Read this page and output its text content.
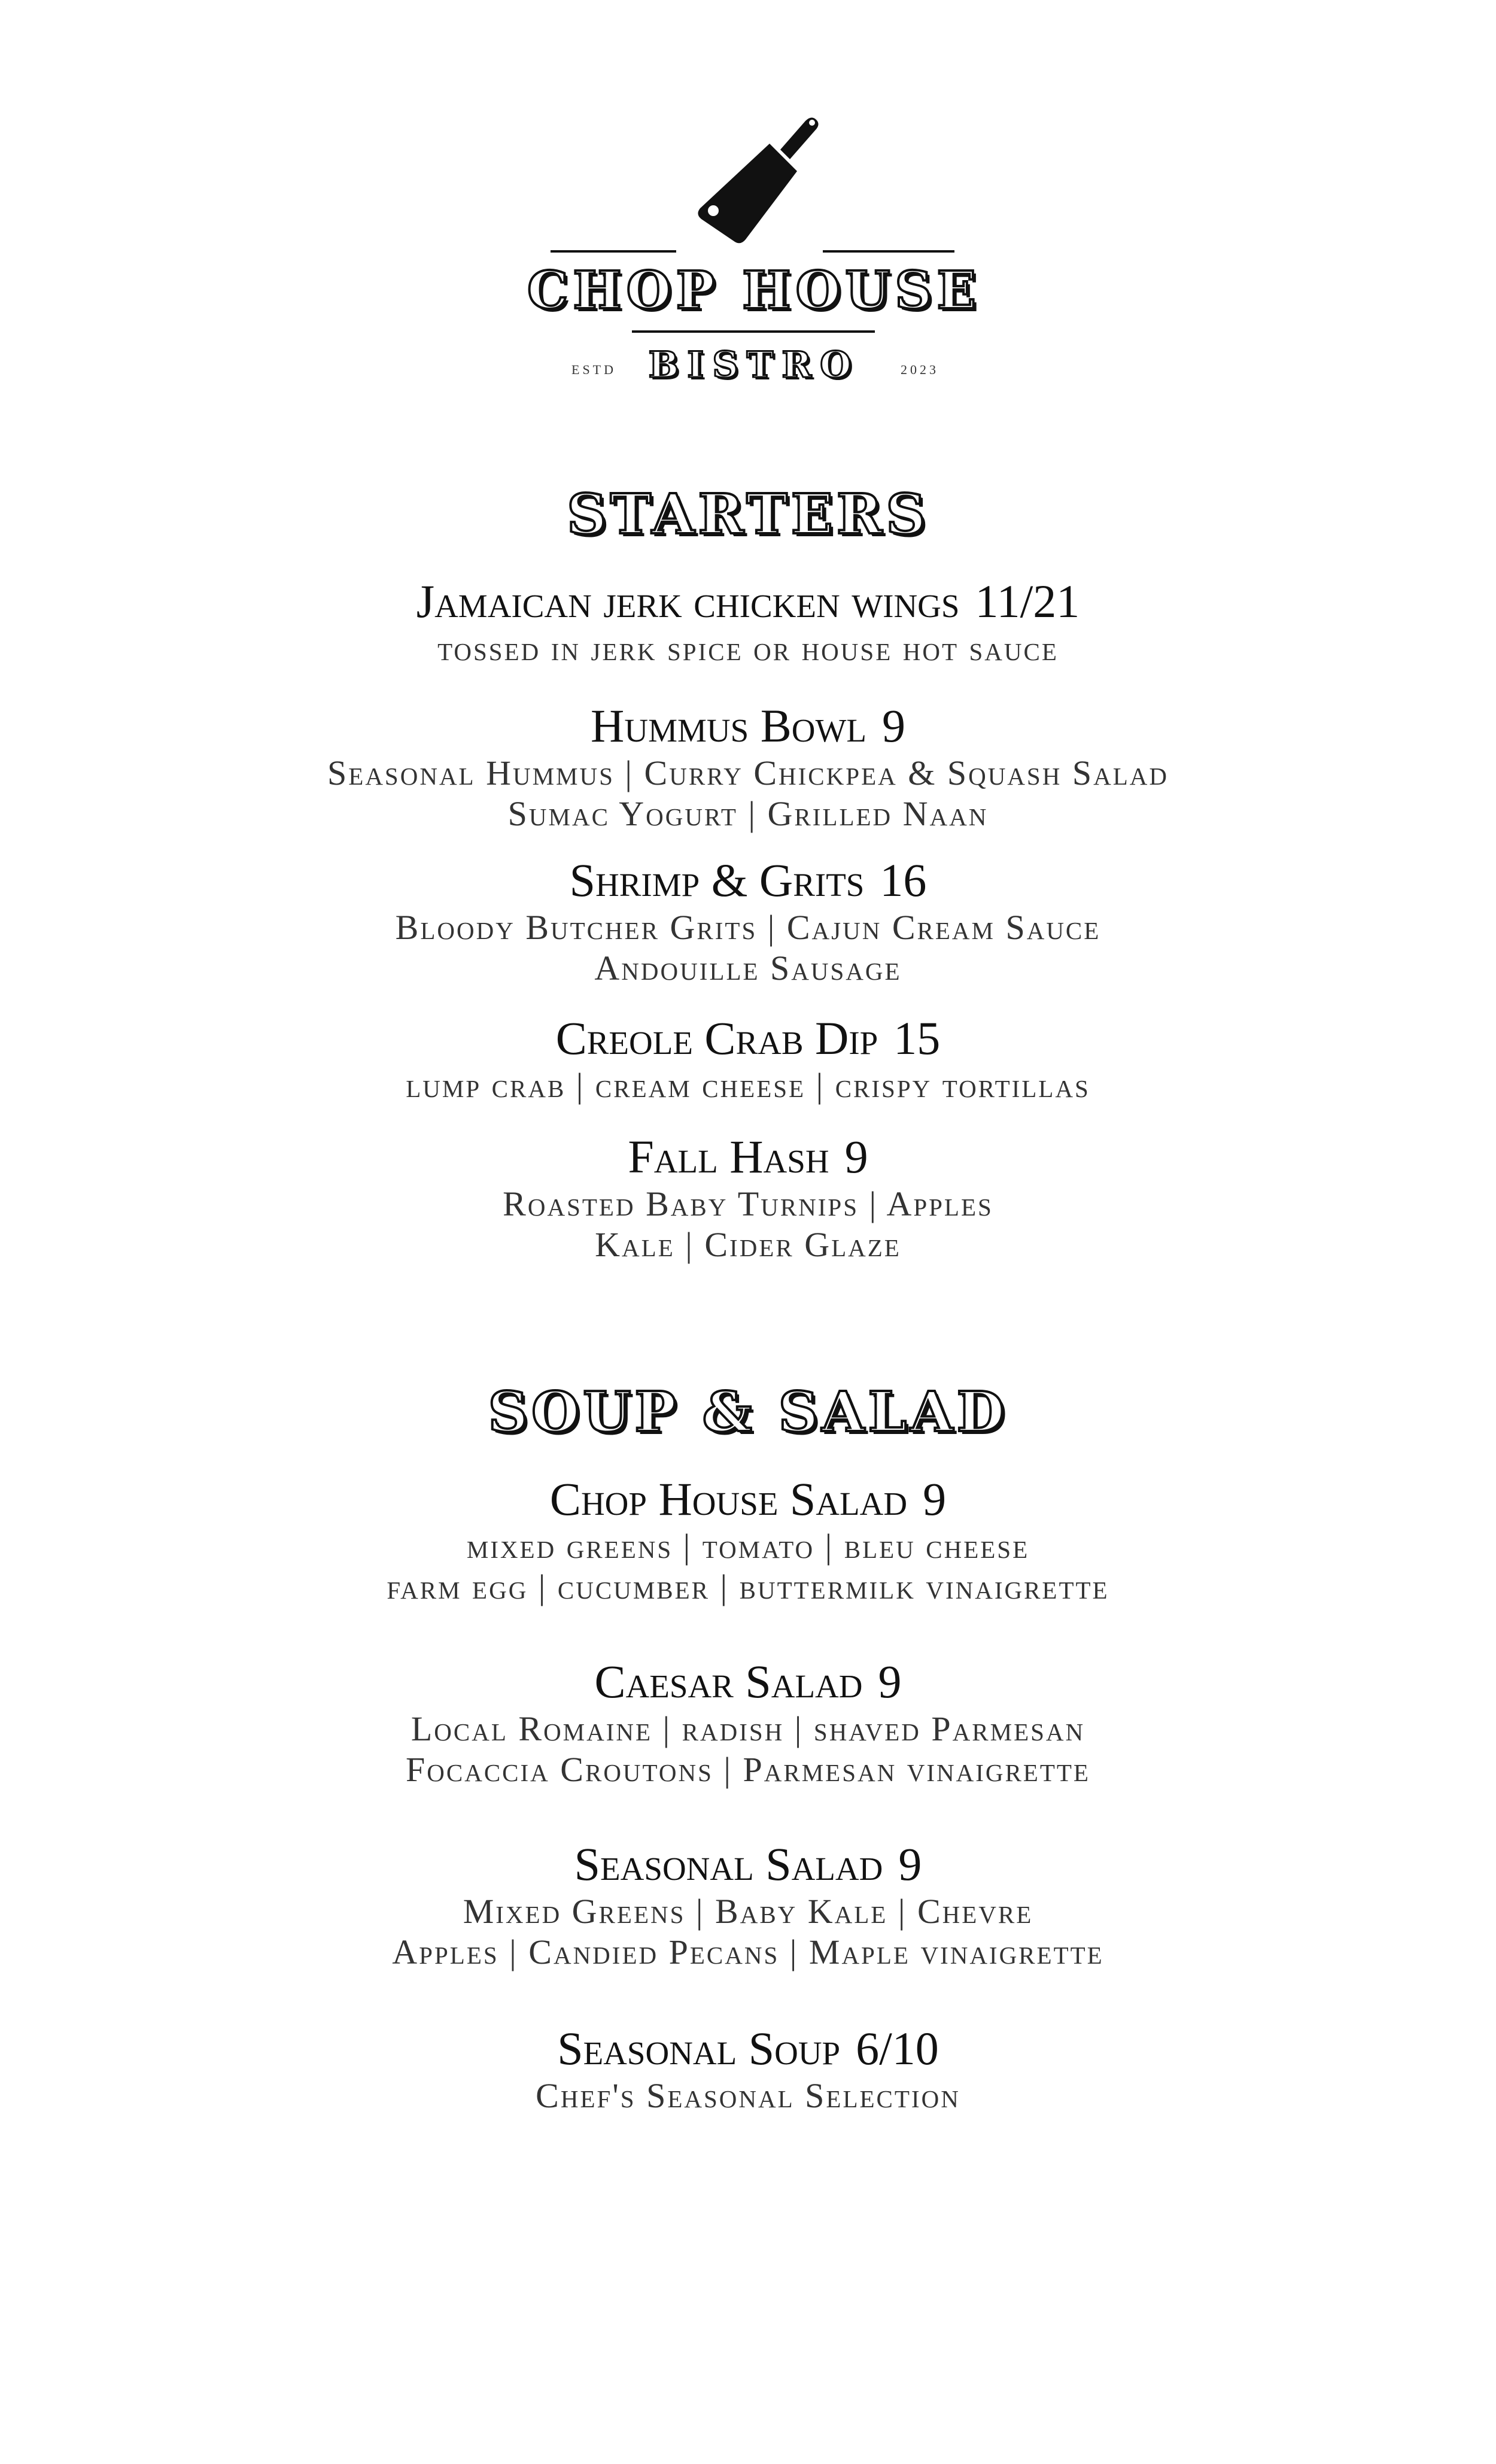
CHOP HOUSE
ESTD BISTRO	2023
STARTERS
Jamaican jerk chicken wings 11/21
tossed in jerk spice or house hot sauce
Hummus Bowl 9
Seasonal Hummus | Curry Chickpea & Squash Salad
Sumac Yogurt | Grilled Naan
Shrimp & Grits 16
Bloody Butcher Grits | Cajun Cream Sauce
Andouille Sausage
Creole Crab Dip 15
lump crab | cream cheese | crispy tortillas
Fall Hash 9
Roasted Baby Turnips | Apples
Kale | Cider Glaze
SOUP & SALAD
Chop House Salad 9
mixed greens | tomato | bleu cheese
farm egg | cucumber | buttermilk vinaigrette
Caesar Salad 9
Local Romaine | radish | shaved Parmesan
Focaccia Croutons | Parmesan vinaigrette
Seasonal Salad 9
Mixed Greens | Baby Kale | Chevre
Apples | Candied Pecans | Maple vinaigrette
Seasonal Soup 6/10
Chef's Seasonal Selection
